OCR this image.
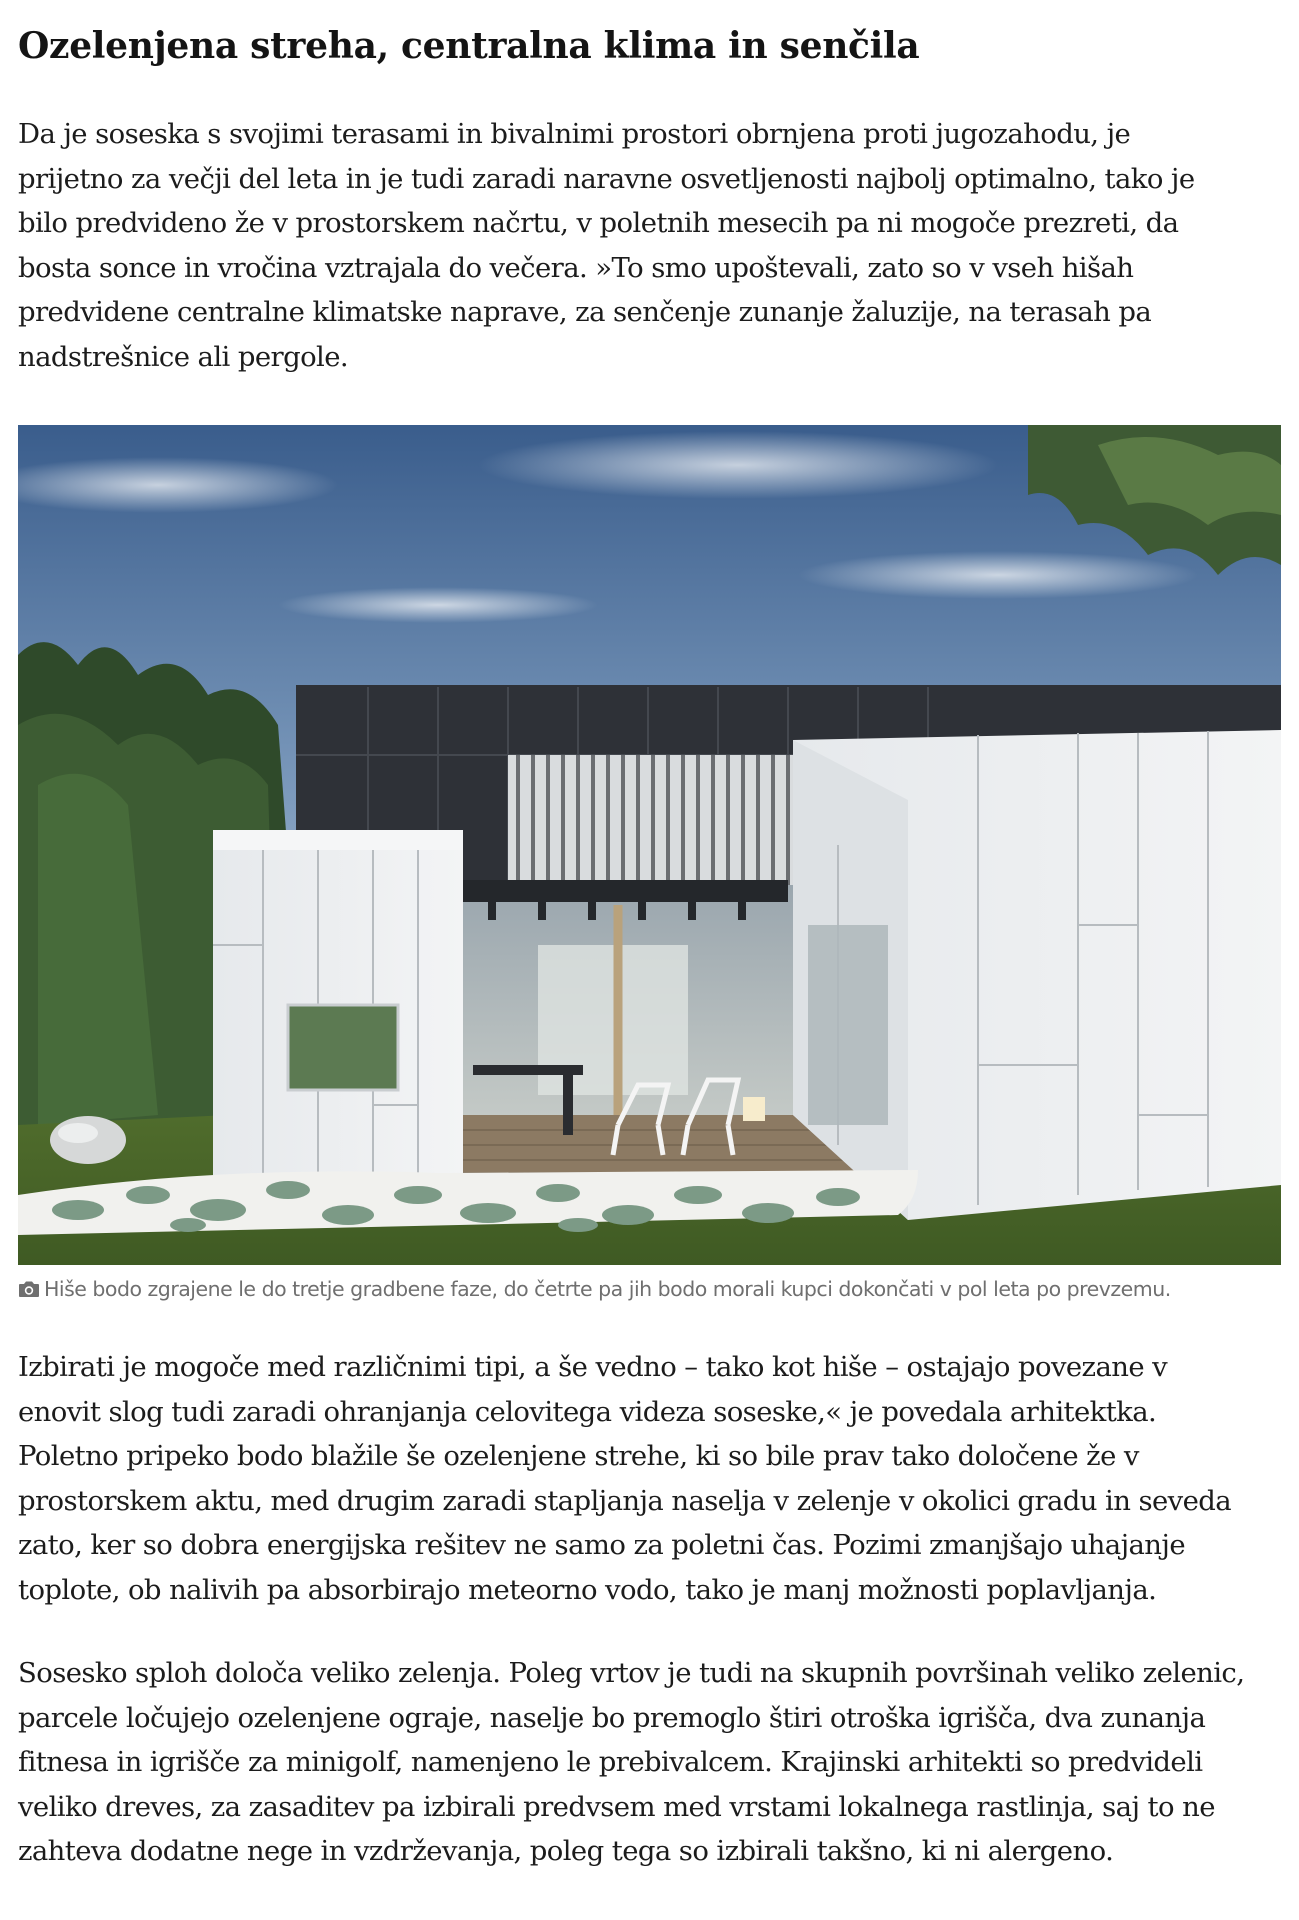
Ozelenjena streha, centralna klima in senčila

Da je soseska s svojimi terasami in bivalnimi prostori obrnjena proti jugozahodu, je
prijetno za večji del leta in je tudi zaradi naravne osvetljenosti najbolj optimalno, tako je
bilo predvideno že v prostorskem načrtu, v poletnih mesecih pa ni mogoče prezreti, da
bosta sonce in vročina vztrajala do večera. »To smo upoštevali, zato so v vseh hišah
predvidene centralne klimatske naprave, za senčenje zunanje žaluzije, na terasah pa
nadstrešnice ali pergole.

Hiše bodo zgrajene le do tretje gradbene faze, do četrte pa jih bodo morali kupci dokončati v pol leta po prevzemu.

Izbirati je mogoče med različnimi tipi, a še vedno – tako kot hiše – ostajajo povezane v
enovit slog tudi zaradi ohranjanja celovitega videza soseske,« je povedala arhitektka.
Poletno pripeko bodo blažile še ozelenjene strehe, ki so bile prav tako določene že v
prostorskem aktu, med drugim zaradi stapljanja naselja v zelenje v okolici gradu in seveda
zato, ker so dobra energijska rešitev ne samo za poletni čas. Pozimi zmanjšajo uhajanje
toplote, ob nalivih pa absorbirajo meteorno vodo, tako je manj možnosti poplavljanja.

Sosesko sploh določa veliko zelenja. Poleg vrtov je tudi na skupnih površinah veliko zelenic,
parcele ločujejo ozelenjene ograje, naselje bo premoglo štiri otroška igrišča, dva zunanja
fitnesa in igrišče za minigolf, namenjeno le prebivalcem. Krajinski arhitekti so predvideli
veliko dreves, za zasaditev pa izbirali predvsem med vrstami lokalnega rastlinja, saj to ne
zahteva dodatne nege in vzdrževanja, poleg tega so izbirali takšno, ki ni alergeno.
